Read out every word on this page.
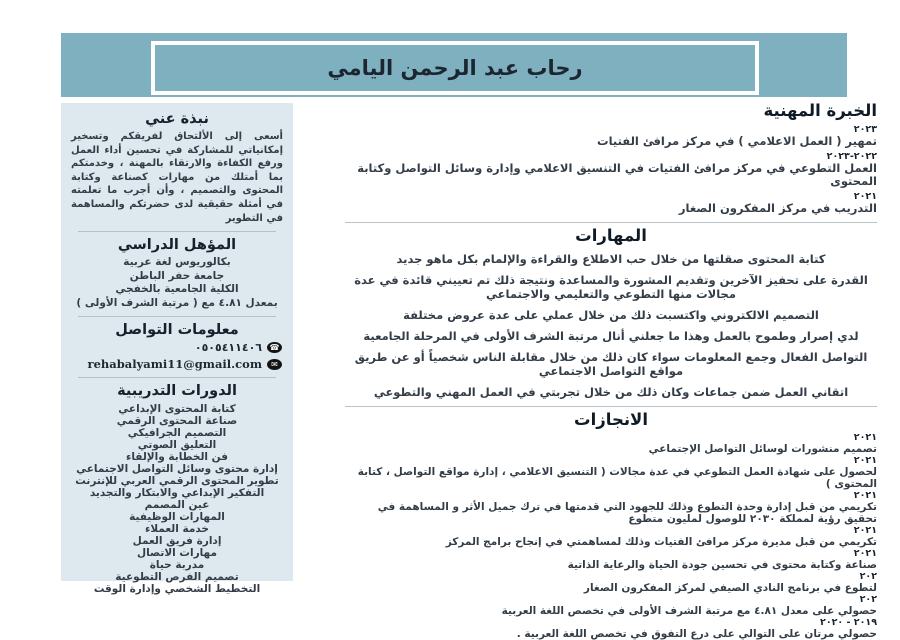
رحاب عبد الرحمن اليامي
نبذة عني
أسعى إلى الألتحاق لفريقكم وتسخير إمكانياتي للمشاركة في تحسين أداء العمل ورفع الكفاءة والارتقاء بالمهنة ، وخدمتكم بما أمتلك من مهارات كصناعة وكتابة المحتوى والتصميم ، وأن أجرب ما تعلمته في أمثلة حقيقية لدى حضرتكم والمساهمة في التطوير
المؤهل الدراسي
بكالوريوس لغة عربية
جامعة حفر الباطن
الكلية الجامعية بالخفجي
بمعدل ٤.٨١ مع ( مرتبة الشرف الأولى )
معلومات التواصل
☎
٠٥٠٥٤١١٤٠٦
✉
rehabalyami11@gmail.com
الدورات التدريبية
كتابة المحتوى الإبداعي
صناعة المحتوى الرقمي
التصميم الجرافيكي
التعليق الصوتي
فن الخطابة والإلقاء
إدارة محتوى وسائل التواصل الاجتماعي
تطوير المحتوى الرقمي العربي للإنترنت
التفكير الإبداعي والابتكار والتجديد
عين المصمم
المهارات الوظيفية
خدمة العملاء
إدارة فريق العمل
مهارات الاتصال
مدربة حياة
تصميم الفرص التطوعية
التخطيط الشخصي وإدارة الوقت
الخبرة المهنية
٢٠٢٣
تمهير ( العمل الاعلامي ) في مركز مرافئ الفتيات
٢٠٢٢-٢٠٢٣
العمل التطوعي في مركز مرافئ الفتيات في التنسيق الاعلامي وإدارة وسائل التواصل وكتابة المحتوى
٢٠٢١
التدريب في مركز المفكرون الصغار
المهارات
كتابة المحتوى صقلتها من خلال حب الاطلاع والقراءة والإلمام بكل ماهو جديد
القدرة على تحفيز الآخرين وتقديم المشورة والمساعدة ونتيجة ذلك تم تعييني قائدة في عدة مجالات منها التطوعي والتعليمي والاجتماعي
التصميم الالكتروني واكتسبت ذلك من خلال عملي على عدة عروض مختلفة
لدي إصرار وطموح بالعمل وهذا ما جعلني أنال مرتبة الشرف الأولى في المرحلة الجامعية
التواصل الفعال وجمع المعلومات سواء كان ذلك من خلال مقابلة الناس شخصياً أو عن طريق مواقع التواصل الاجتماعي
اتقاني العمل ضمن جماعات وكان ذلك من خلال تجربتي في العمل المهني والتطوعي
الانجازات
٢٠٢١
تصميم منشورات لوسائل التواصل الإجتماعي
٢٠٢١
لحصول على شهادة العمل التطوعي في عدة مجالات ( التنسيق الاعلامي ، إدارة مواقع التواصل ، كتابة المحتوى )
٢٠٢١
تكريمي من قبل إدارة وحدة التطوع وذلك للجهود التي قدمتها في ترك جميل الأثر و المساهمة في تحقيق رؤية لمملكة ٢٠٣٠ للوصول لمليون متطوع
٢٠٢١
تكريمي من قبل مديرة مركز مرافئ الفتيات وذلك لمساهمتي في إنجاح برامج المركز
٢٠٢١
صناعة وكتابة محتوى في تحسين جودة الحياة والرعاية الذاتية
٢٠٢
لتطوع في برنامج النادي الصيفي لمركز المفكرون الصغار
٢٠٢
حصولي على معدل ٤.٨١ مع مرتبة الشرف الأولى في تخصص اللغة العربية
٢٠١٩ - ٢٠٢٠
حصولي مرتان على التوالي على درع التفوق في تخصص اللغة العربية .
